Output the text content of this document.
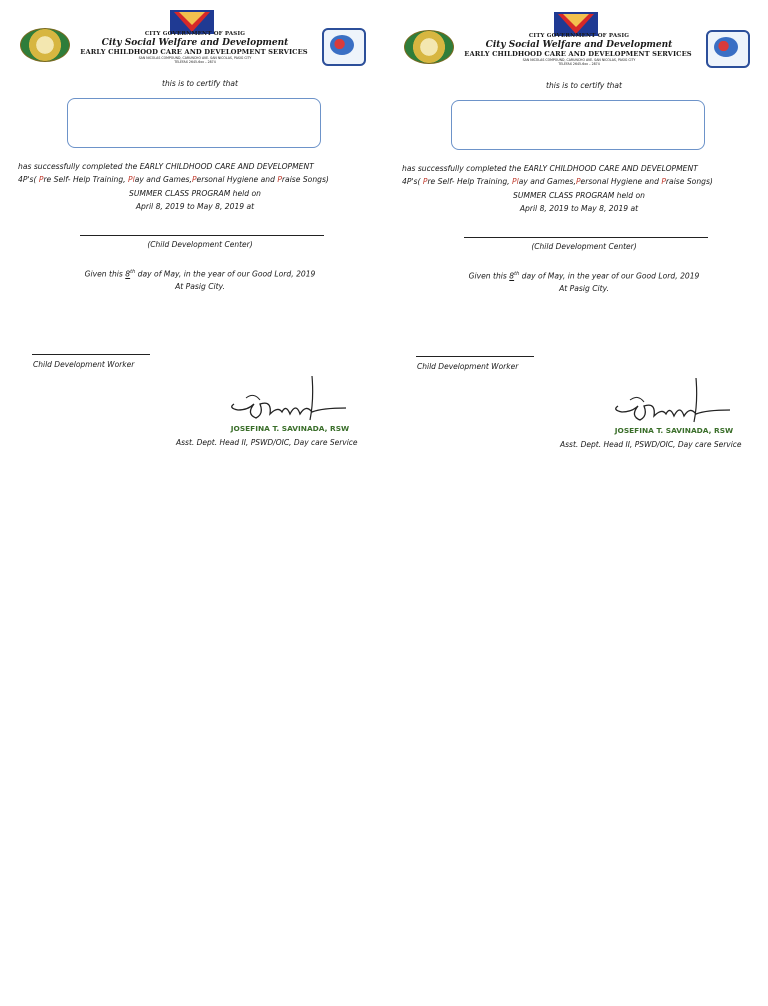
CITY GOVERNMENT OF PASIG
City Social Welfare and Development
EARLY CHILDHOOD CARE AND DEVELOPMENT SERVICES
SAN NICOLAS COMPOUND, CARUNCHO AVE. SAN NICOLAS, PASIG CITY
TELEFAX 2645-6xx – 2874
this is to certify that
has successfully completed the EARLY CHILDHOOD CARE AND DEVELOPMENT
4P's( Pre Self- Help Training, Play and Games,Personal Hygiene and Praise Songs)
SUMMER CLASS PROGRAM held on
April 8, 2019 to May 8, 2019 at
(Child Development Center)
Given this 8th day of May, in the year of our Good Lord, 2019
At Pasig City.
Child Development Worker
JOSEFINA T. SAVINADA, RSW
Asst. Dept. Head II, PSWD/OIC, Day care Service
CITY GOVERNMENT OF PASIG
City Social Welfare and Development
EARLY CHILDHOOD CARE AND DEVELOPMENT SERVICES
SAN NICOLAS COMPOUND, CARUNCHO AVE. SAN NICOLAS, PASIG CITY
TELEFAX 2645-6xx – 2874
this is to certify that
has successfully completed the EARLY CHILDHOOD CARE AND DEVELOPMENT
4P's( Pre Self- Help Training, Play and Games,Personal Hygiene and Praise Songs)
SUMMER CLASS PROGRAM held on
April 8, 2019 to May 8, 2019 at
(Child Development Center)
Given this 8th day of May, in the year of our Good Lord, 2019
At Pasig City.
Child Development Worker
JOSEFINA T. SAVINADA, RSW
Asst. Dept. Head II, PSWD/OIC, Day care Service
